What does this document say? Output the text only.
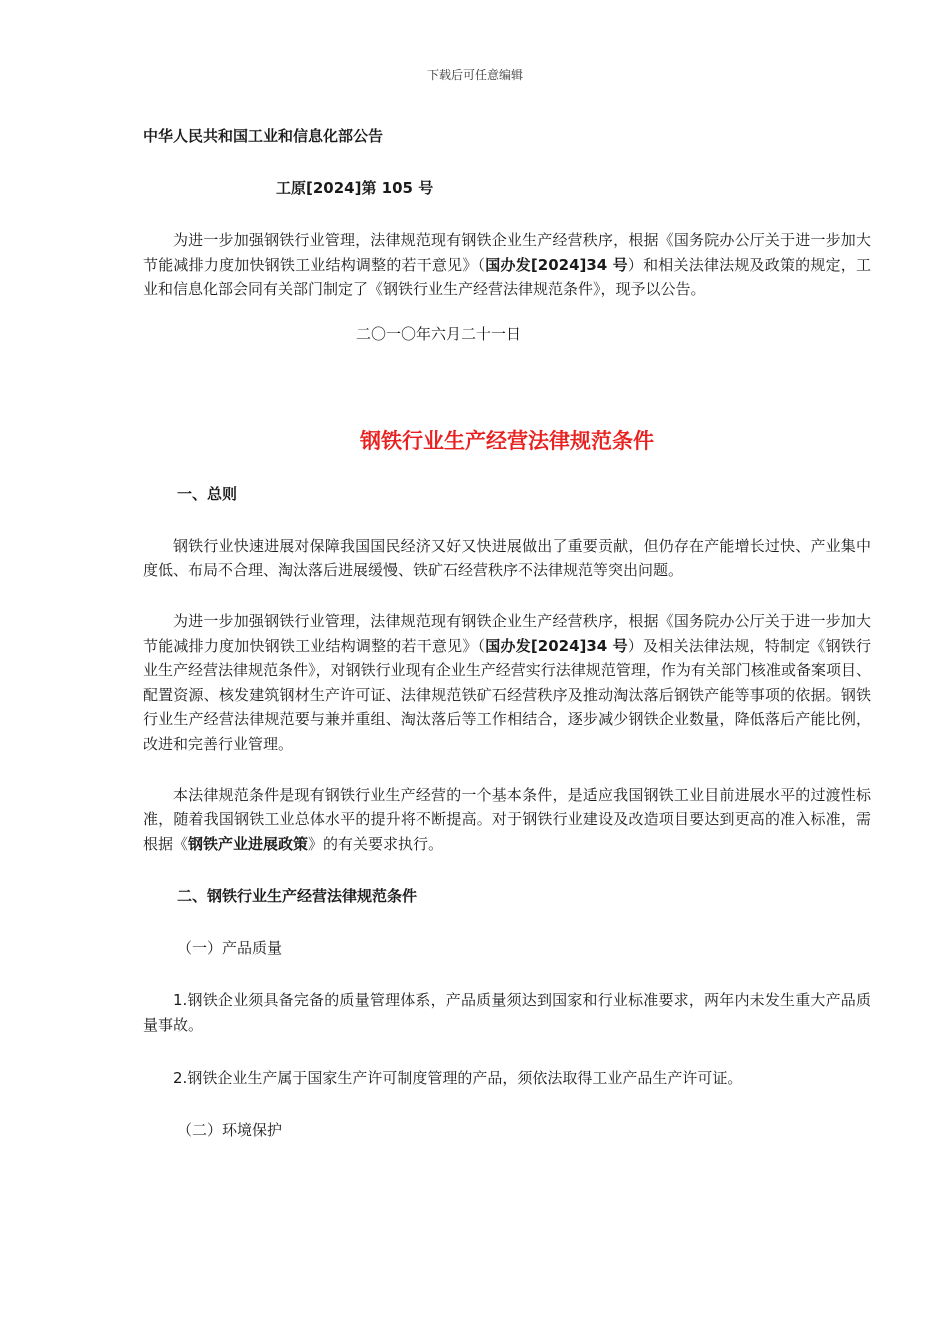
下载后可任意编辑
中华人民共和国工业和信息化部公告
工原[2024]第 105 号
为进一步加强钢铁行业管理，法律规范现有钢铁企业生产经营秩序，根据《国务院办公厅关于进一步加大节能减排力度加快钢铁工业结构调整的若干意见》（国办发[2024]34 号）和相关法律法规及政策的规定，工业和信息化部会同有关部门制定了《钢铁行业生产经营法律规范条件》，现予以公告。
二〇一〇年六月二十一日
钢铁行业生产经营法律规范条件
一、总则
钢铁行业快速进展对保障我国国民经济又好又快进展做出了重要贡献，但仍存在产能增长过快、产业集中度低、布局不合理、淘汰落后进展缓慢、铁矿石经营秩序不法律规范等突出问题。
为进一步加强钢铁行业管理，法律规范现有钢铁企业生产经营秩序，根据《国务院办公厅关于进一步加大节能减排力度加快钢铁工业结构调整的若干意见》（国办发[2024]34 号）及相关法律法规，特制定《钢铁行业生产经营法律规范条件》，对钢铁行业现有企业生产经营实行法律规范管理，作为有关部门核准或备案项目、配置资源、核发建筑钢材生产许可证、法律规范铁矿石经营秩序及推动淘汰落后钢铁产能等事项的依据。钢铁行业生产经营法律规范要与兼并重组、淘汰落后等工作相结合，逐步减少钢铁企业数量，降低落后产能比例，改进和完善行业管理。
本法律规范条件是现有钢铁行业生产经营的一个基本条件，是适应我国钢铁工业目前进展水平的过渡性标准，随着我国钢铁工业总体水平的提升将不断提高。对于钢铁行业建设及改造项目要达到更高的准入标准，需根据《钢铁产业进展政策》的有关要求执行。
二、钢铁行业生产经营法律规范条件
（一）产品质量
1.钢铁企业须具备完备的质量管理体系，产品质量须达到国家和行业标准要求，两年内未发生重大产品质量事故。
2.钢铁企业生产属于国家生产许可制度管理的产品，须依法取得工业产品生产许可证。
（二）环境保护
